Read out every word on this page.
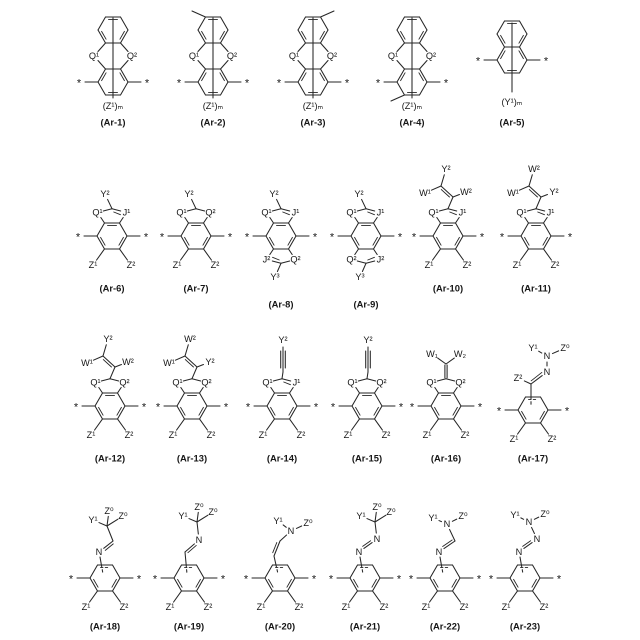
Q¹	Q²
(Z¹)ₘ
*	*
(Ar-1)
Q¹	Q²
(Z¹)ₘ
*	*
(Ar-2)
Q¹	Q²
(Z¹)ₘ
*	*
(Ar-3)
Q¹	Q²
(Z¹)ₘ
*	*
(Ar-4)
(Y¹)ₘ
*	*
(Ar-5)
Z¹	Z²
*	*
Q¹ J¹
Y²
(Ar-6)
Z¹	Z²
*	*
Q¹ Q²
Y²
(Ar-7)
*	*
Q¹ J¹
Y²
J² Q²
Y³
(Ar-8)
*	*
Q¹ J¹
Y²
Q² J²
Y³
(Ar-9)
Z¹	Z²
*	*
Q¹ J¹
W²
W¹
Y²
(Ar-10)
Z¹	Z²
*	*
Q¹ J¹
Y²
W¹
W²
(Ar-11)
Z¹	Z²
*	*
Q¹ Q²
W²
W¹
Y²
(Ar-12)
Z¹	Z²
*	*
Q¹ Q²
Y²
W¹
W²
(Ar-13)
Z¹	Z²
*	*
Q¹ J¹
Y²
(Ar-14)
Z¹	Z²
*	*
Q¹ Q²
Y²
(Ar-15)
Z¹	Z²
*	*
Q¹ Q²
W₁ W₂
(Ar-16)
Z¹	Z²
*	*
Z²
N
N
Y¹ Z⁰
(Ar-17)
Z¹	Z²
*	*
N
Y¹
Z⁰ Z⁰
(Ar-18)
Z¹	Z²
*	*
N
Y¹
Z⁰ Z⁰
(Ar-19)
Z¹	Z²
*	*
N
Y¹ Z⁰
(Ar-20)
Z¹	Z²
*	*
N
N
Y¹
Z⁰ Z⁰
(Ar-21)
Z¹	Z²
*	*
N
N
Y¹ Z⁰
(Ar-22)
Z¹	Z²
*	*
N
N
N
Y¹ Z⁰
(Ar-23)
